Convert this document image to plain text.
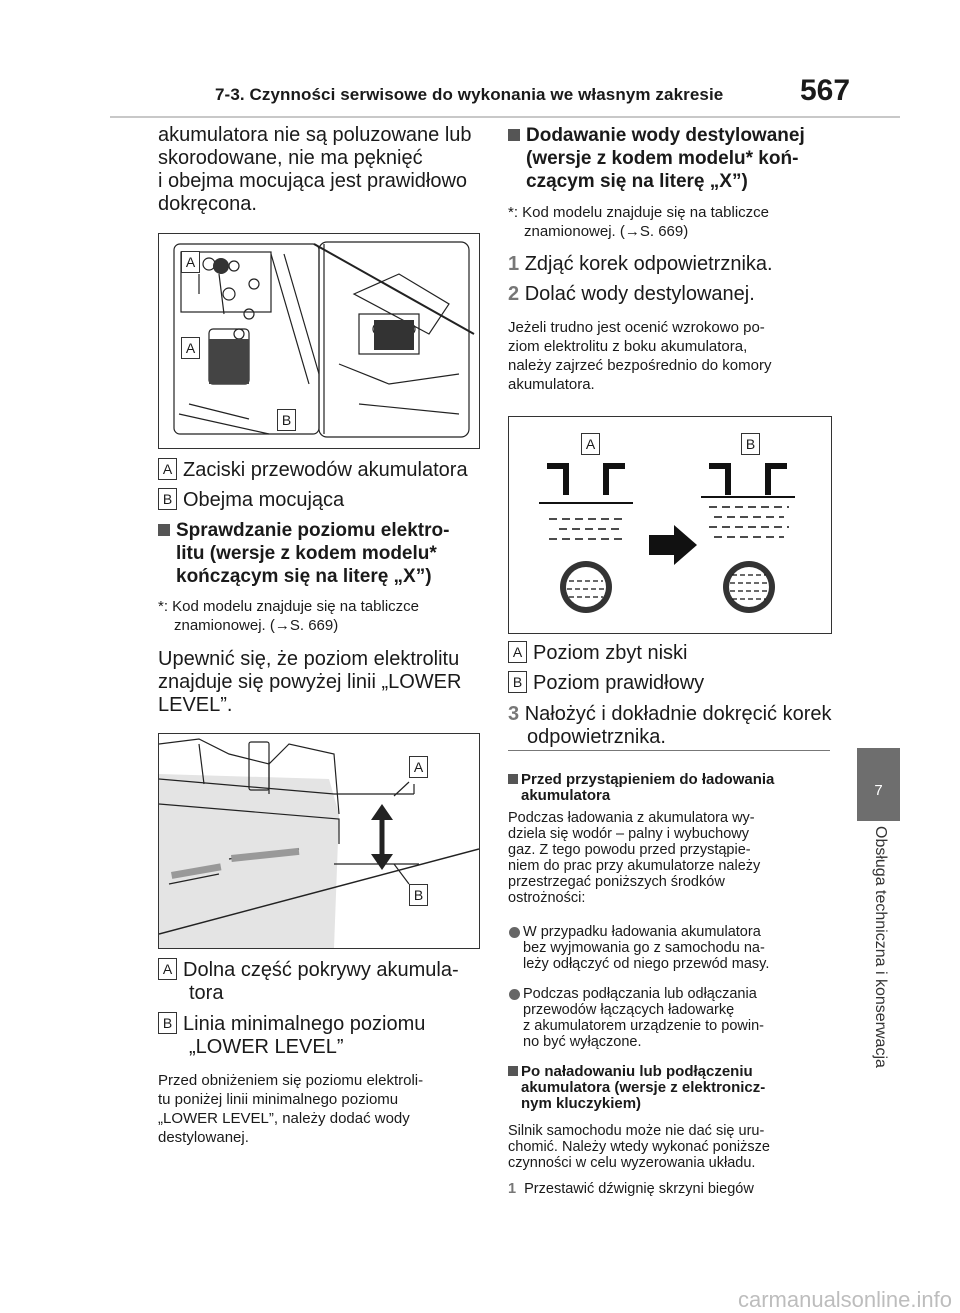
7-3. Czynności serwisowe do wykonania we własnym zakresie	567
7
Obsługa techniczna i konserwacja
akumulatora nie są poluzowane lub
skorodowane, nie ma pęknięć
i obejma mocująca jest prawidłowo
dokręcona.
A
A
B
A Zaciski przewodów akumulatora
B Obejma mocująca
Sprawdzanie poziomu elektro-
litu (wersje z kodem modelu*
kończącym się na literę „X”)
*: Kod modelu znajduje się na tabliczce
znamionowej. (→S. 669)
Upewnić się, że poziom elektrolitu
znajduje się powyżej linii „LOWER
LEVEL”.
A
B
A Dolna część pokrywy akumula-
tora
B Linia minimalnego poziomu
„LOWER LEVEL”
Przed obniżeniem się poziomu elektroli-
tu poniżej linii minimalnego poziomu
„LOWER LEVEL”, należy dodać wody
destylowanej.
Dodawanie wody destylowanej
(wersje z kodem modelu* koń-
czącym się na literę „X”)
*: Kod modelu znajduje się na tabliczce
znamionowej. (→S. 669)
1 Zdjąć korek odpowietrznika.
2 Dolać wody destylowanej.
Jeżeli trudno jest ocenić wzrokowo po-
ziom elektrolitu z boku akumulatora,
należy zajrzeć bezpośrednio do komory
akumulatora.
A	B
A Poziom zbyt niski
B Poziom prawidłowy
3 Nałożyć i dokładnie dokręcić korek
odpowietrznika.
Przed przystąpieniem do ładowania
akumulatora
Podczas ładowania z akumulatora wy-
dziela się wodór – palny i wybuchowy
gaz. Z tego powodu przed przystąpie-
niem do prac przy akumulatorze należy
przestrzegać poniższych środków
ostrożności:
W przypadku ładowania akumulatora
bez wyjmowania go z samochodu na-
leży odłączyć od niego przewód masy.
Podczas podłączania lub odłączania
przewodów łączących ładowarkę
z akumulatorem urządzenie to powin-
no być wyłączone.
Po naładowaniu lub podłączeniu
akumulatora (wersje z elektronicz-
nym kluczykiem)
Silnik samochodu może nie dać się uru-
chomić. Należy wtedy wykonać poniższe
czynności w celu wyzerowania układu.
1 Przestawić dźwignię skrzyni biegów
carmanualsonline.info
